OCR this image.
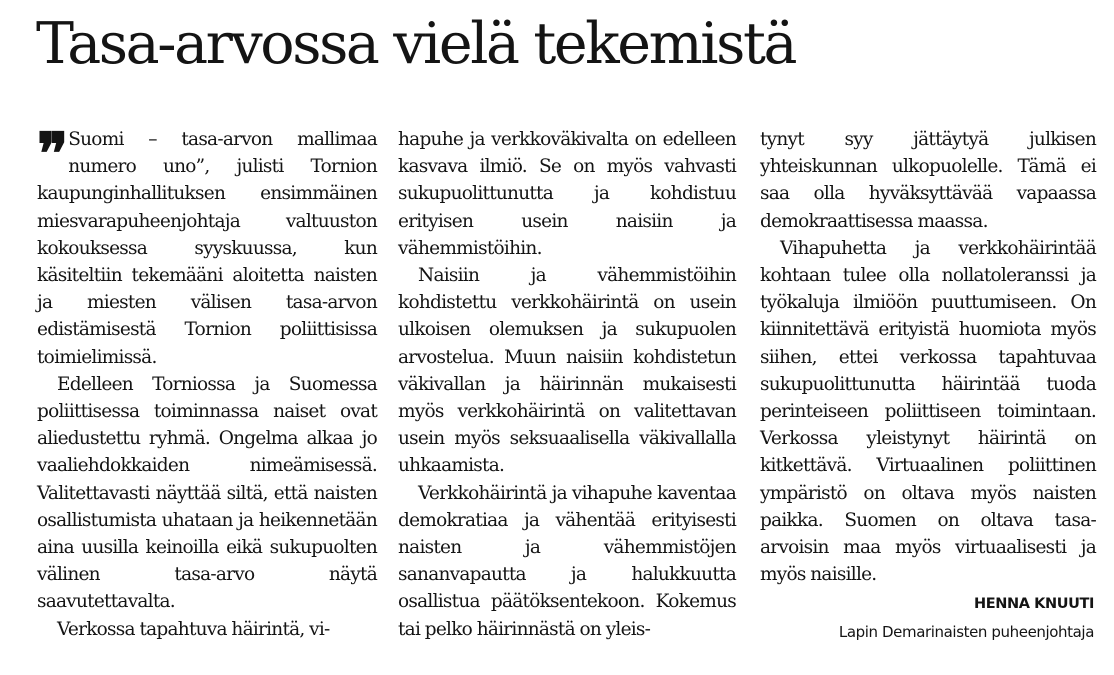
Tasa-arvossa vielä tekemistä
❞ Suomi – tasa-arvon mallimaa numero uno”, julisti Tornion kaupunginhallituksen ensimmäinen miesvarapuheenjohtaja valtuuston kokouksessa syyskuussa, kun käsiteltiin tekemääni aloitetta naisten ja miesten välisen tasa-arvon edistämisestä Tornion poliittisissa toimielimissä.

Edelleen Torniossa ja Suomessa poliittisessa toiminnassa naiset ovat aliedustettu ryhmä. Ongelma alkaa jo vaaliehdokkaiden nimeämisessä. Valitettavasti näyttää siltä, että naisten osallistumista uhataan ja heikennetään aina uusilla keinoilla eikä sukupuolten välinen tasa-arvo näytä saavutettavalta.

Verkossa tapahtuva häirintä, vi-

hapuhe ja verkkoväkivalta on edelleen kasvava ilmiö. Se on myös vahvasti sukupuolittunutta ja kohdistuu erityisen usein naisiin ja vähemmistöihin.

Naisiin ja vähemmistöihin kohdistettu verkkohäirintä on usein ulkoisen olemuksen ja sukupuolen arvostelua. Muun naisiin kohdistetun väkivallan ja häirinnän mukaisesti myös verkkohäirintä on valitettavan usein myös seksuaalisella väkivallalla uhkaamista.

Verkkohäirintä ja vihapuhe kaventaa demokratiaa ja vähentää erityisesti naisten ja vähemmistöjen sananvapautta ja halukkuutta osallistua päätöksentekoon. Kokemus tai pelko häirinnästä on yleis-

tynyt syy jättäytyä julkisen yhteiskunnan ulkopuolelle. Tämä ei saa olla hyväksyttävää vapaassa demokraattisessa maassa.

Vihapuhetta ja verkkohäirintää kohtaan tulee olla nollatoleranssi ja työkaluja ilmiöön puuttumiseen. On kiinnitettävä erityistä huomiota myös siihen, ettei verkossa tapahtuvaa sukupuolittunutta häirintää tuoda perinteiseen poliittiseen toimintaan. Verkossa yleistynyt häirintä on kitkettävä. Virtuaalinen poliittinen ympäristö on oltava myös naisten paikka. Suomen on oltava tasa-arvoisin maa myös virtuaalisesti ja myös naisille.

HENNA KNUUTI
Lapin Demarinaisten puheenjohtaja
